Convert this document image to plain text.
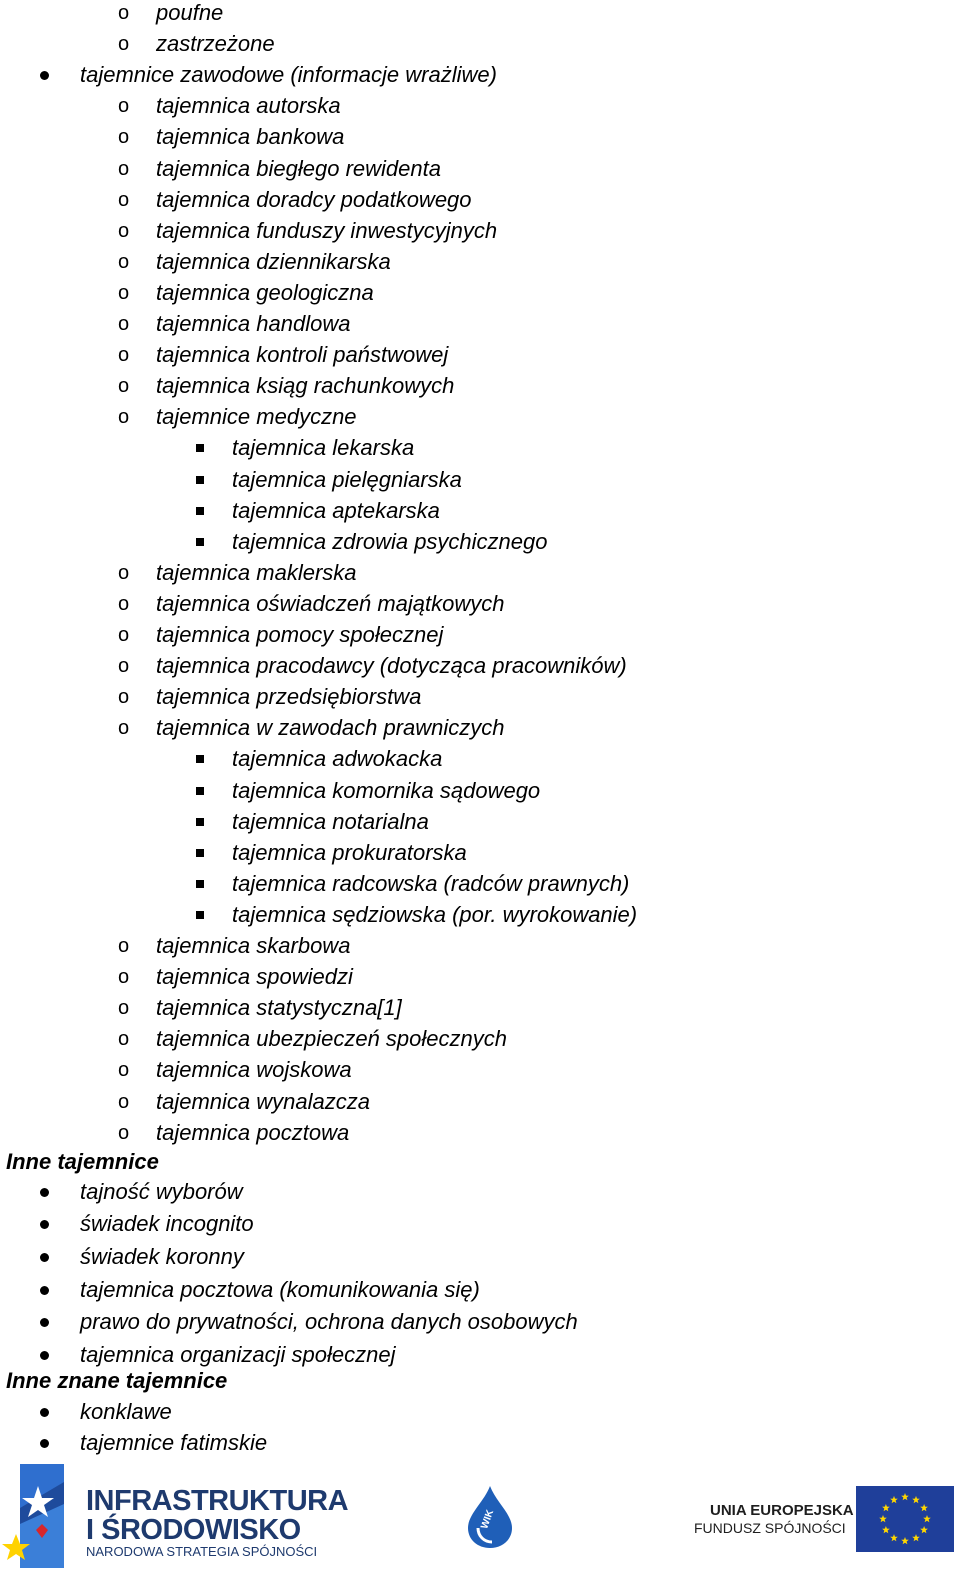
o poufne
o zastrzeżone
tajemnice zawodowe (informacje wrażliwe)
o tajemnica autorska
o tajemnica bankowa
o tajemnica biegłego rewidenta
o tajemnica doradcy podatkowego
o tajemnica funduszy inwestycyjnych
o tajemnica dziennikarska
o tajemnica geologiczna
o tajemnica handlowa
o tajemnica kontroli państwowej
o tajemnica ksiąg rachunkowych
o tajemnice medyczne
tajemnica lekarska
tajemnica pielęgniarska
tajemnica aptekarska
tajemnica zdrowia psychicznego
o tajemnica maklerska
o tajemnica oświadczeń majątkowych
o tajemnica pomocy społecznej
o tajemnica pracodawcy (dotycząca pracowników)
o tajemnica przedsiębiorstwa
o tajemnica w zawodach prawniczych
tajemnica adwokacka
tajemnica komornika sądowego
tajemnica notarialna
tajemnica prokuratorska
tajemnica radcowska (radców prawnych)
tajemnica sędziowska (por. wyrokowanie)
o tajemnica skarbowa
o tajemnica spowiedzi
o tajemnica statystyczna[1]
o tajemnica ubezpieczeń społecznych
o tajemnica wojskowa
o tajemnica wynalazcza
o tajemnica pocztowa
Inne tajemnice
tajność wyborów
świadek incognito
świadek koronny
tajemnica pocztowa (komunikowania się)
prawo do prywatności, ochrona danych osobowych
tajemnica organizacji społecznej
Inne znane tajemnice
konklawe
tajemnice fatimskie
INFRASTRUKTURA
I ŚRODOWISKO
NARODOWA STRATEGIA SPÓJNOŚCI
WIK	UNIA EUROPEJSKA
FUNDUSZ SPÓJNOŚCI
